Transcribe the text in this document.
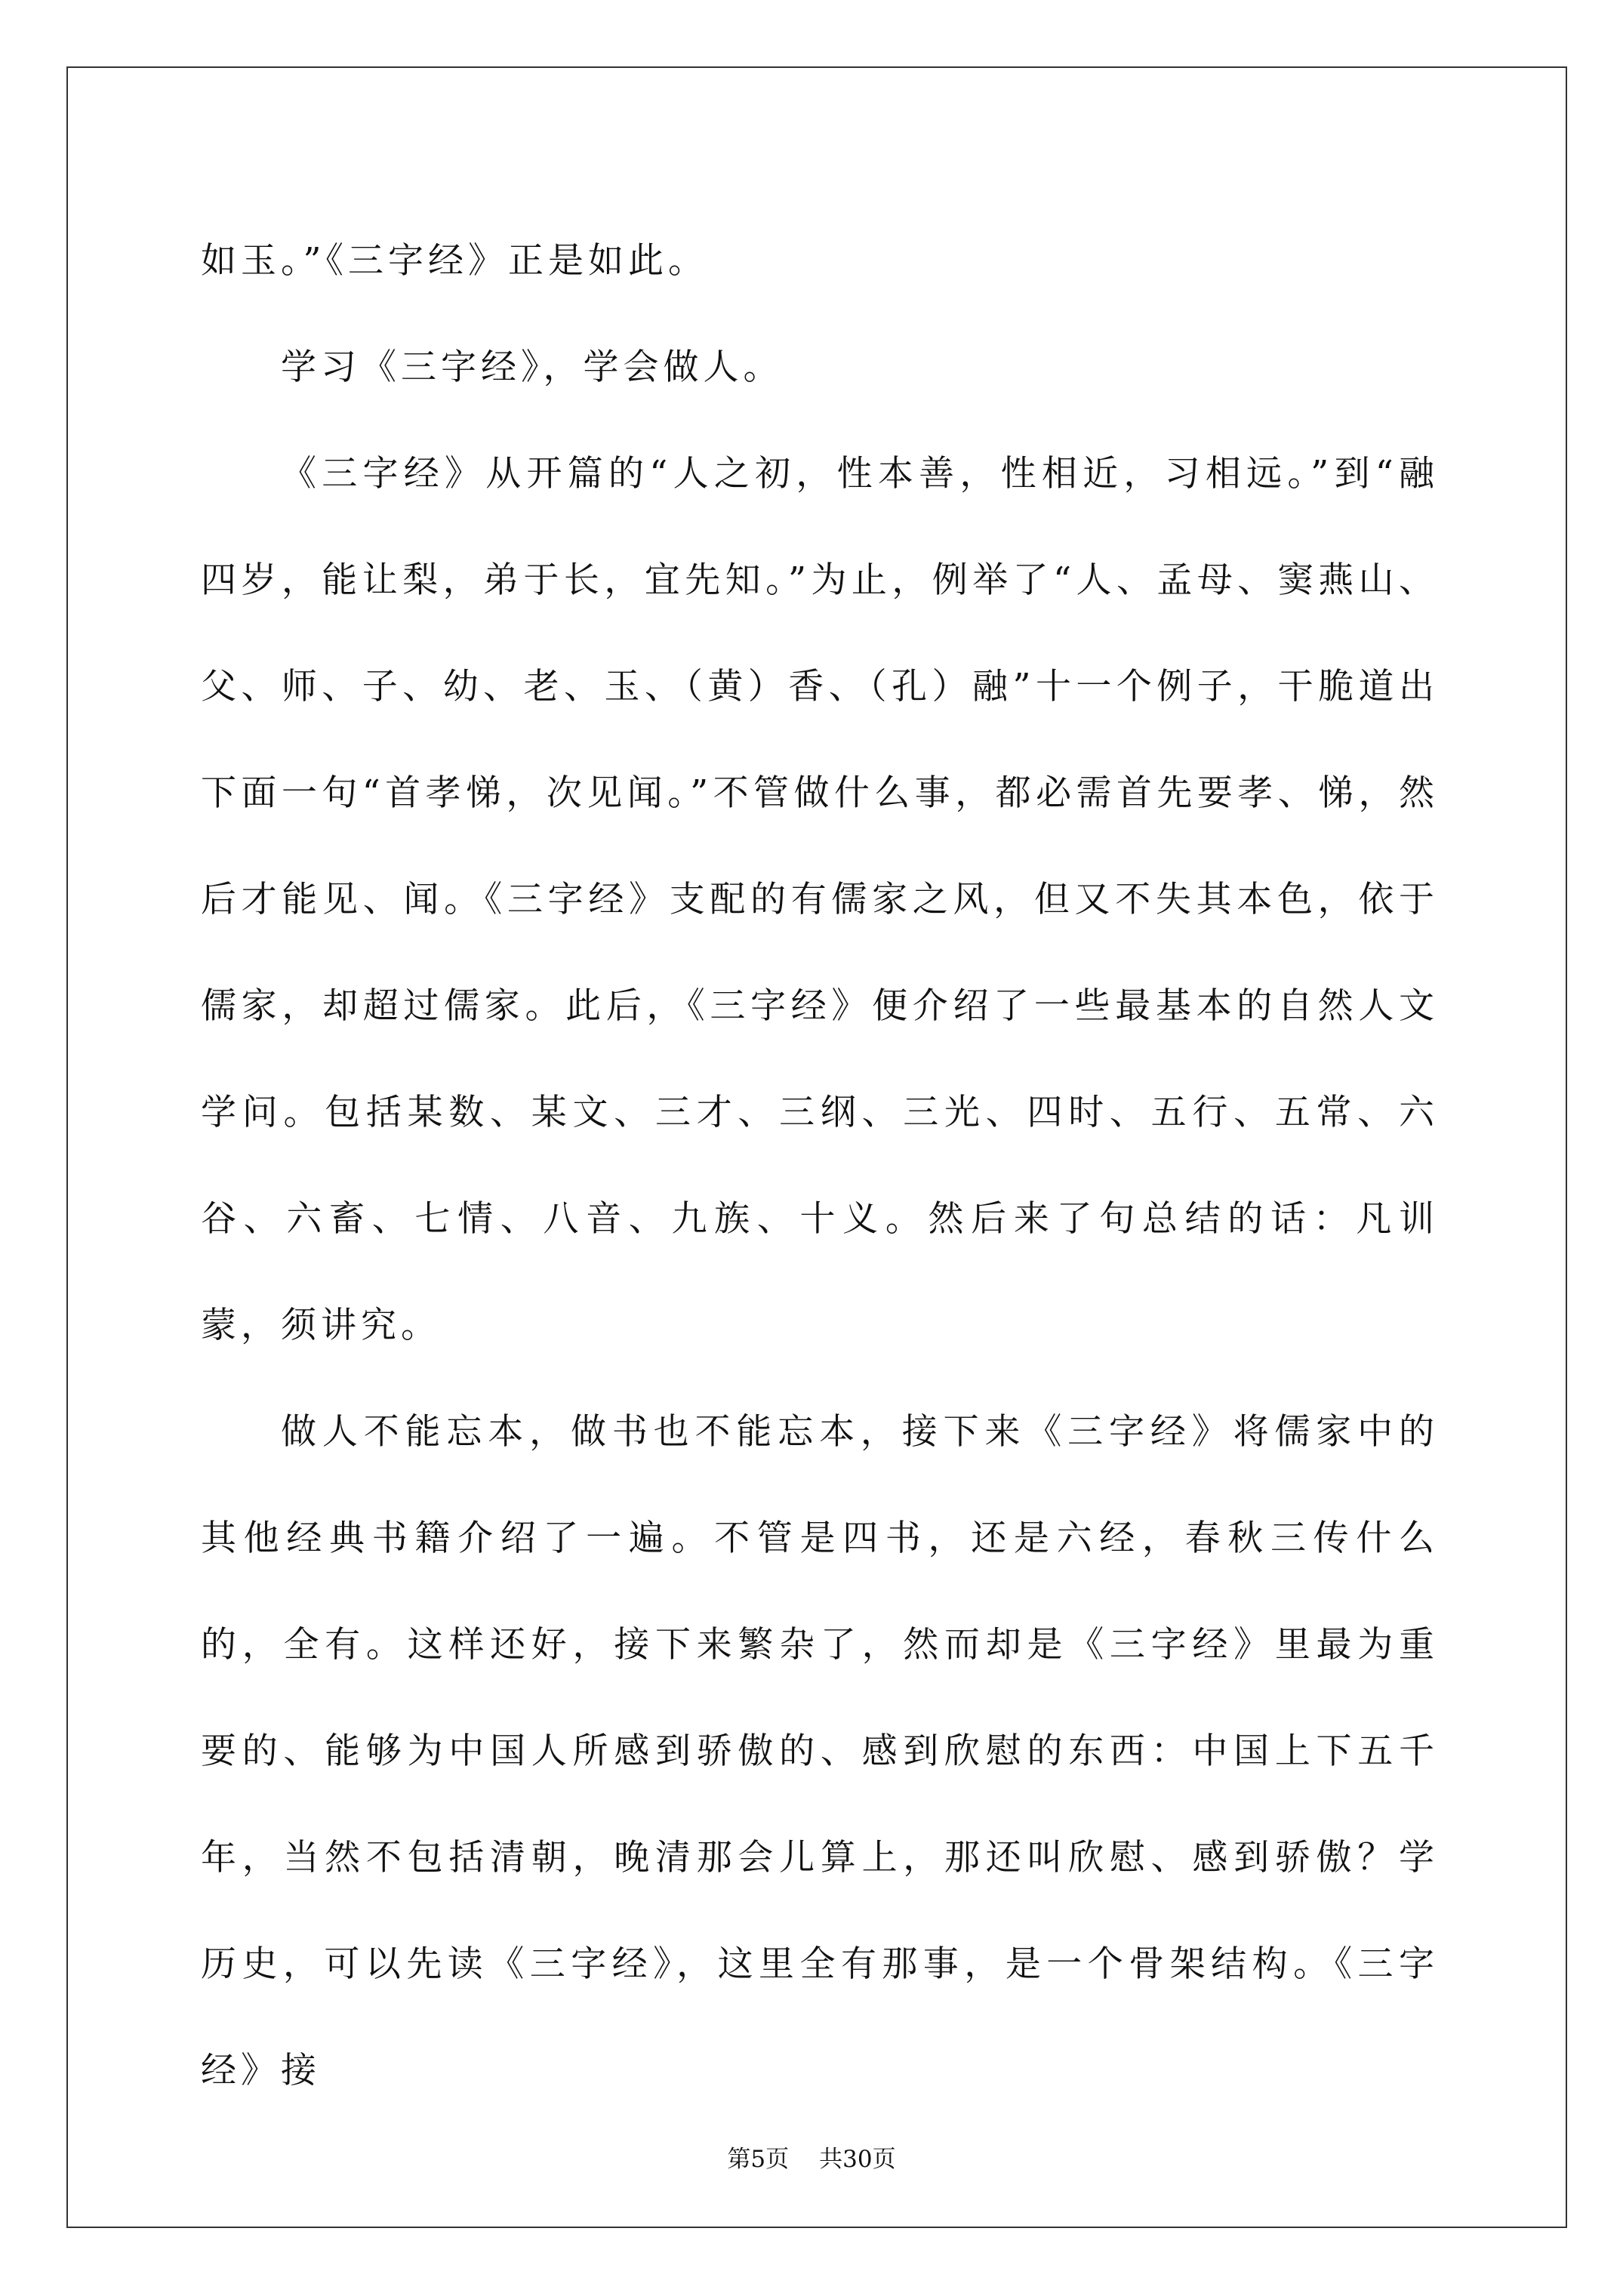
如玉。”《三字经》正是如此。

学习《三字经》，学会做人。

《三字经》从开篇的“人之初，性本善，性相近，习相远。”到“融四岁，能让梨，弟于长，宜先知。”为止，例举了“人、孟母、窦燕山、父、师、子、幼、老、玉、（黄）香、（孔）融”十一个例子，干脆道出下面一句“首孝悌，次见闻。”不管做什么事，都必需首先要孝、悌，然后才能见、闻。《三字经》支配的有儒家之风，但又不失其本色，依于儒家，却超过儒家。此后，《三字经》便介绍了一些最基本的自然人文学问。包括某数、某文、三才、三纲、三光、四时、五行、五常、六谷、六畜、七情、八音、九族、十义。然后来了句总结的话：凡训蒙，须讲究。

做人不能忘本，做书也不能忘本，接下来《三字经》将儒家中的其他经典书籍介绍了一遍。不管是四书，还是六经，春秋三传什么的，全有。这样还好，接下来繁杂了，然而却是《三字经》里最为重要的、能够为中国人所感到骄傲的、感到欣慰的东西：中国上下五千年，当然不包括清朝，晚清那会儿算上，那还叫欣慰、感到骄傲？学历史，可以先读《三字经》，这里全有那事，是一个骨架结构。《三字经》接

第5页 共30页
